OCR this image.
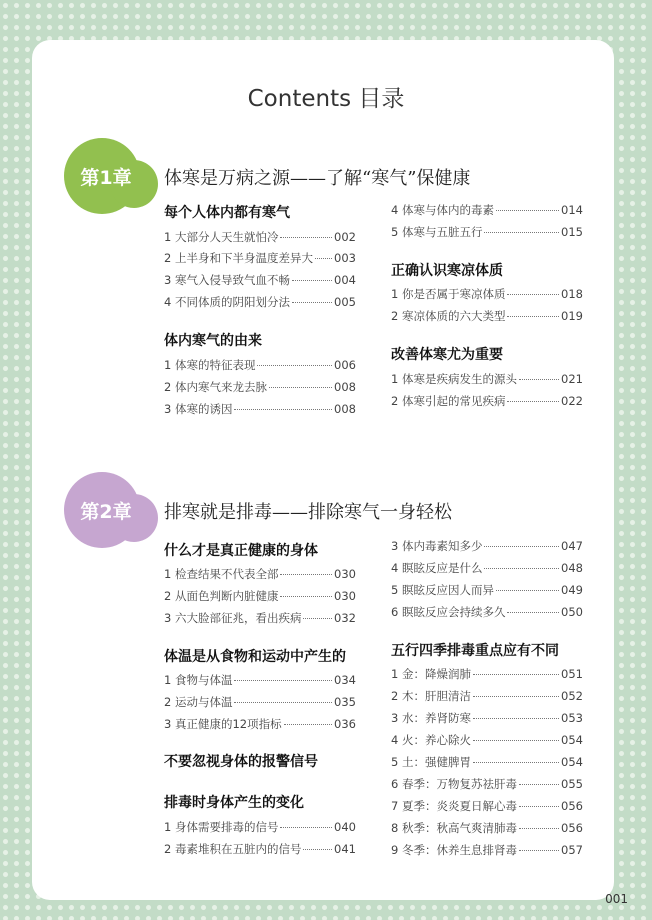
Contents 目录
第1章	体寒是万病之源——了解“寒气”保健康
每个人体内都有寒气
1 大部分人天生就怕冷	002
2 上半身和下半身温度差异大 003
3 寒气入侵导致气血不畅	004
4 不同体质的阴阳划分法	005
体内寒气的由来
1 体寒的特征表现	006
2 体内寒气来龙去脉	008
3 体寒的诱因	008
4 体寒与体内的毒素	014
5 体寒与五脏五行	015
正确认识寒凉体质
1 你是否属于寒凉体质	018
2 寒凉体质的六大类型	019
改善体寒尤为重要
1 体寒是疾病发生的源头	021
2 体寒引起的常见疾病	022
第2章	排寒就是排毒——排除寒气一身轻松
什么才是真正健康的身体
1 检查结果不代表全部	030
2 从面色判断内脏健康	030
3 六大脸部征兆，看出疾病	032
体温是从食物和运动中产生的
1 食物与体温	034
2 运动与体温	035
3 真正健康的12项指标	036
不要忽视身体的报警信号
排毒时身体产生的变化
1 身体需要排毒的信号	040
2 毒素堆积在五脏内的信号	041
3 体内毒素知多少	047
4 瞑眩反应是什么	048
5 瞑眩反应因人而异	049
6 瞑眩反应会持续多久	050
五行四季排毒重点应有不同
1 金：降燥润肺	051
2 木：肝胆清洁	052
3 水：养肾防寒	053
4 火：养心除火	054
5 土：强健脾胃	054
6 春季：万物复苏祛肝毒	055
7 夏季：炎炎夏日解心毒	056
8 秋季：秋高气爽清肺毒	056
9 冬季：休养生息排肾毒	057
001
